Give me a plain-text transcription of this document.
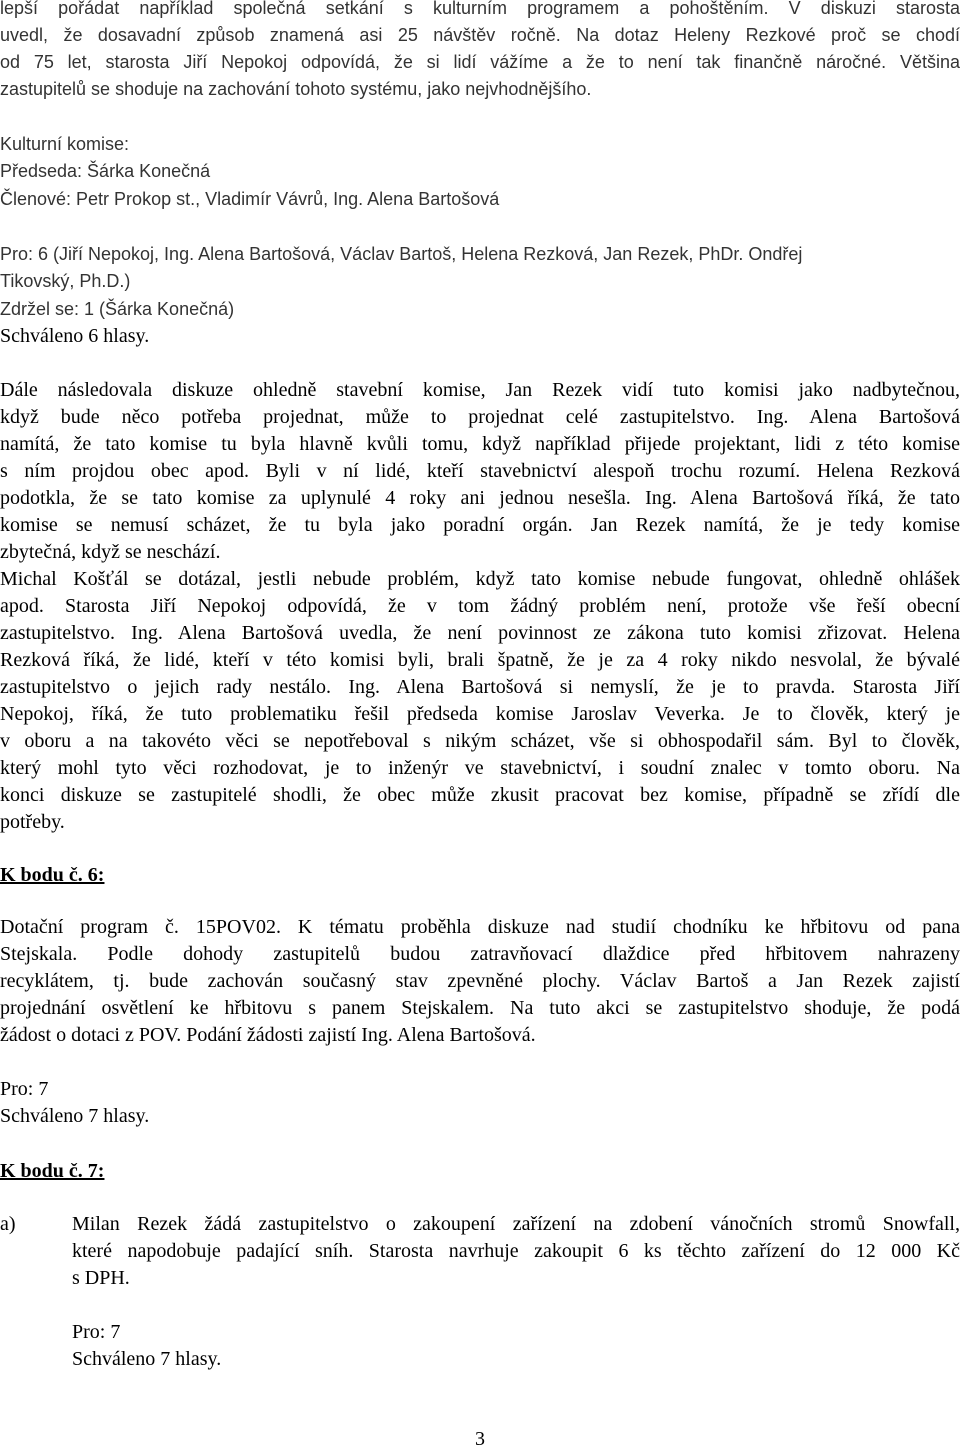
lepší pořádat například společná setkání s kulturním programem a pohoštěním. V diskuzi starosta
uvedl, že dosavadní způsob znamená asi 25 návštěv ročně. Na dotaz Heleny Rezkové proč se chodí
od 75 let, starosta Jiří Nepokoj odpovídá, že si lidí vážíme a že to není tak finančně náročné. Většina
zastupitelů se shoduje na zachování tohoto systému, jako nejvhodnějšího.
Kulturní komise:
Předseda: Šárka Konečná
Členové: Petr Prokop st., Vladimír Vávrů, Ing. Alena Bartošová
Pro: 6 (Jiří Nepokoj, Ing. Alena Bartošová, Václav Bartoš, Helena Rezková, Jan Rezek, PhDr. Ondřej
Tikovský, Ph.D.)
Zdržel se: 1 (Šárka Konečná)
Schváleno 6 hlasy.
Dále následovala diskuze ohledně stavební komise, Jan Rezek vidí tuto komisi jako nadbytečnou,
když bude něco potřeba projednat, může to projednat celé zastupitelstvo. Ing. Alena Bartošová
namítá, že tato komise tu byla hlavně kvůli tomu, když například přijede projektant, lidi z této komise
s ním projdou obec apod. Byli v ní lidé, kteří stavebnictví alespoň trochu rozumí. Helena Rezková
podotkla, že se tato komise za uplynulé 4 roky ani jednou nesešla. Ing. Alena Bartošová říká, že tato
komise se nemusí scházet, že tu byla jako poradní orgán. Jan Rezek namítá, že je tedy komise
zbytečná, když se neschází.
Michal Košťál se dotázal, jestli nebude problém, když tato komise nebude fungovat, ohledně ohlášek
apod. Starosta Jiří Nepokoj odpovídá, že v tom žádný problém není, protože vše řeší obecní
zastupitelstvo. Ing. Alena Bartošová uvedla, že není povinnost ze zákona tuto komisi zřizovat. Helena
Rezková říká, že lidé, kteří v této komisi byli, brali špatně, že je za 4 roky nikdo nesvolal, že bývalé
zastupitelstvo o jejich rady nestálo. Ing. Alena Bartošová si nemyslí, že je to pravda. Starosta Jiří
Nepokoj, říká, že tuto problematiku řešil předseda komise Jaroslav Veverka. Je to člověk, který je
v oboru a na takovéto věci se nepotřeboval s nikým scházet, vše si obhospodařil sám. Byl to člověk,
který mohl tyto věci rozhodovat, je to inženýr ve stavebnictví, i soudní znalec v tomto oboru. Na
konci diskuze se zastupitelé shodli, že obec může zkusit pracovat bez komise, případně se zřídí dle
potřeby.
K bodu č. 6:
Dotační program č. 15POV02. K tématu proběhla diskuze nad studií chodníku ke hřbitovu od pana
Stejskala. Podle dohody zastupitelů budou zatravňovací dlaždice před hřbitovem nahrazeny
recyklátem, tj. bude zachován současný stav zpevněné plochy. Václav Bartoš a Jan Rezek zajistí
projednání osvětlení ke hřbitovu s panem Stejskalem. Na tuto akci se zastupitelstvo shoduje, že podá
žádost o dotaci z POV. Podání žádosti zajistí Ing. Alena Bartošová.
Pro: 7
Schváleno 7 hlasy.
K bodu č. 7:
a)	Milan Rezek žádá zastupitelstvo o zakoupení zařízení na zdobení vánočních stromů Snowfall,
které napodobuje padající sníh. Starosta navrhuje zakoupit 6 ks těchto zařízení do 12 000 Kč
s DPH.
Pro: 7
Schváleno 7 hlasy.
3
